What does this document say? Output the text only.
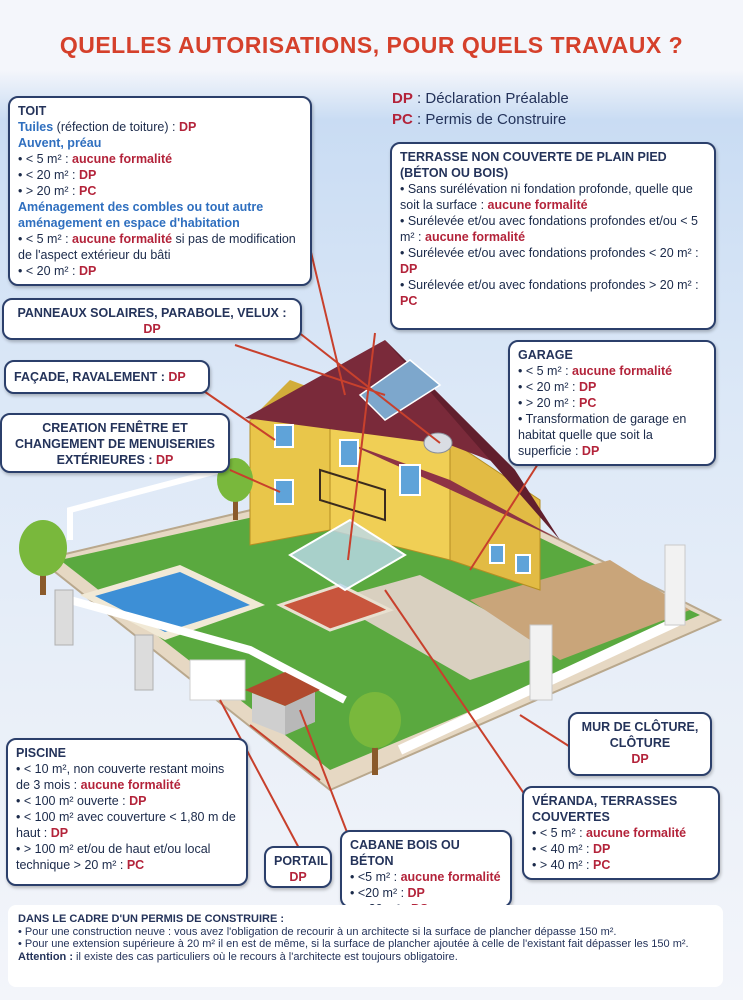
QUELLES AUTORISATIONS, POUR QUELS TRAVAUX ?
DP : Déclaration Préalable
PC : Permis de Construire
TOIT
Tuiles (réfection de toiture) : DP
Auvent, préau
• < 5 m² : aucune formalité
• < 20 m² : DP
• > 20 m² : PC
Aménagement des combles ou tout autre aménagement en espace d'habitation
• < 5 m² : aucune formalité si pas de modification de l'aspect extérieur du bâti
• < 20 m² : DP
TERRASSE NON COUVERTE DE PLAIN PIED (BÉTON OU BOIS)
• Sans surélévation ni fondation profonde, quelle que soit la surface : aucune formalité
• Surélevée et/ou avec fondations profondes et/ou < 5 m² : aucune formalité
• Surélevée et/ou avec fondations profondes < 20 m² : DP
• Surélevée et/ou avec fondations profondes > 20 m² : PC
PANNEAUX SOLAIRES, PARABOLE, VELUX :
DP
FAÇADE, RAVALEMENT : DP
CREATION FENÊTRE ET CHANGEMENT DE MENUISERIES EXTÉRIEURES : DP
GARAGE
• < 5 m² : aucune formalité
• < 20 m² : DP
• > 20 m² : PC
• Transformation de garage en habitat quelle que soit la superficie : DP
MUR DE CLÔTURE, CLÔTURE
DP
VÉRANDA, TERRASSES COUVERTES
• < 5 m² : aucune formalité
• < 40 m² : DP
• > 40 m² : PC
PISCINE
• < 10 m², non couverte restant moins de 3 mois : aucune formalité
• < 100 m² ouverte : DP
• < 100 m² avec couverture < 1,80 m de haut : DP
• > 100 m² et/ou de haut et/ou local technique > 20 m² : PC	PORTAIL
DP
CABANE BOIS OU BÉTON
• <5 m² : aucune formalité
• <20 m² : DP
DANS LE CADRE D'UN PERMIS DE CONSTRUIRE :
• Pour une construction neuve : vous avez l'obligation de recourir à un architecte si la surface de plancher dépasse 150 m².
• Pour une extension supérieure à 20 m² il en est de même, si la surface de plancher ajoutée à celle de l'existant fait dépasser les 150 m².
Attention : il existe des cas particuliers où le recours à l'architecte est toujours obligatoire.
